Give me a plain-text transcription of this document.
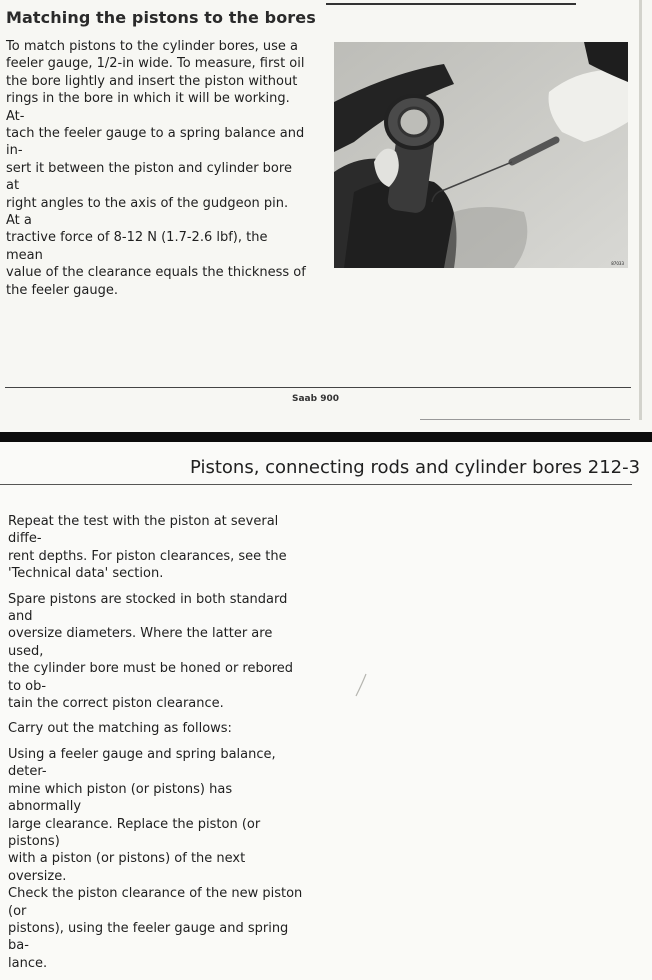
Matching the pistons to the bores

To match pistons to the cylinder bores, use a

feeler gauge, 1/2-in wide. To measure, first oil

the bore lightly and insert the piston without

rings in the bore in which it will be working. At-

tach the feeler gauge to a spring balance and in-

sert it between the piston and cylinder bore at

right angles to the axis of the gudgeon pin. At a

tractive force of 8-12 N (1.7-2.6 lbf), the mean

value of the clearance equals the thickness of

the feeler gauge.

87033
Saab 900
Pistons, connecting rods and cylinder bores 212-3

Repeat the test with the piston at several diffe-

rent depths. For piston clearances, see the

'Technical data' section.

Spare pistons are stocked in both standard and

oversize diameters. Where the latter are used,

the cylinder bore must be honed or rebored to ob-

tain the correct piston clearance.

Carry out the matching as follows:

Using a feeler gauge and spring balance, deter-

mine which piston (or pistons) has abnormally

large clearance. Replace the piston (or pistons)

with a piston (or pistons) of the next oversize.

Check the piston clearance of the new piston (or

pistons), using the feeler gauge and spring ba-

lance.
